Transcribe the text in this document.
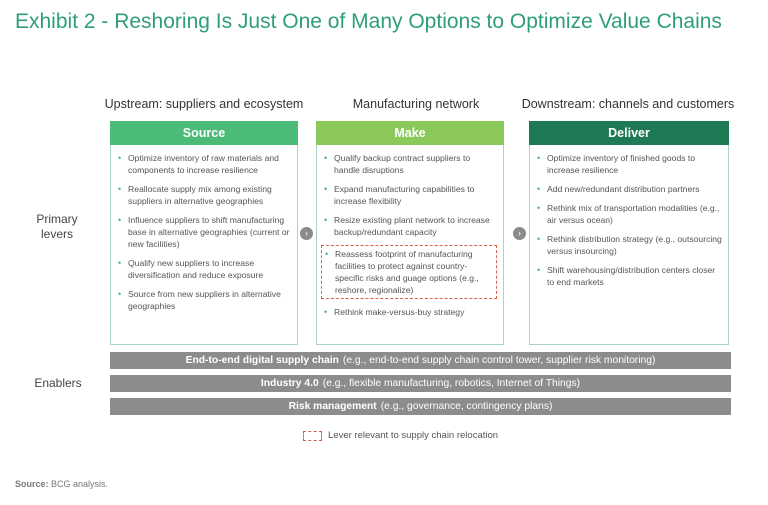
Exhibit 2 - Reshoring Is Just One of Many Options to Optimize Value Chains
Upstream: suppliers and ecosystem	Manufacturing network	Downstream: channels and customers
Primary levers
Source
• Optimize inventory of raw materials and components to increase resilience
• Reallocate supply mix among existing suppliers in alternative geographies
• Influence suppliers to shift manufacturing base in alternative geographies (current or new facilities)
• Qualify new suppliers to increase diversification and reduce exposure
• Source from new suppliers in alternative geographies
›
Make
• Qualify backup contract suppliers to handle disruptions
• Expand manufacturing capabilities to increase flexibility
• Resize existing plant network to increase backup/redundant capacity
• Reassess footprint of manufacturing facilities to protect against country-specific risks and guage options (e.g., reshore, regionalize)
• Rethink make-versus-buy strategy
›
Deliver
• Optimize inventory of finished goods to increase resilience
• Add new/redundant distribution partners
• Rethink mix of transportation modalities (e.g., air versus ocean)
• Rethink distribution strategy (e.g., outsourcing versus insourcing)
• Shift warehousing/distribution centers closer to end markets
Enablers
End-to-end digital supply chain (e.g., end-to-end supply chain control tower, supplier risk monitoring)
Industry 4.0 (e.g., flexible manufacturing, robotics, Internet of Things)
Risk management (e.g., governance, contingency plans)
Lever relevant to supply chain relocation
Source: BCG analysis.
